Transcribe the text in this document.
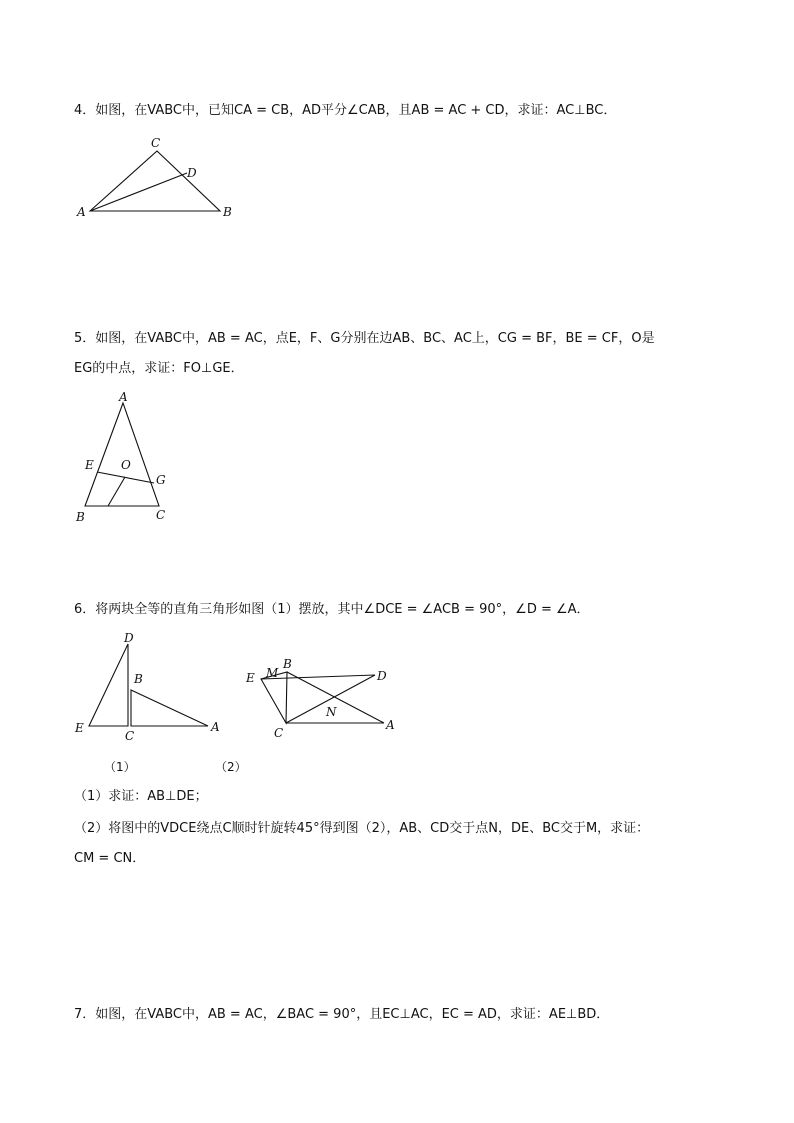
4．如图，在VABC中，已知CA = CB，AD平分∠CAB，且AB = AC + CD，求证：AC⊥BC．
C
D
A	B
5．如图，在VABC中，AB = AC，点E，F、G分别在边AB、BC、AC上，CG = BF，BE = CF，O是
EG的中点，求证：FO⊥GE．
A
E O
G
B	C
6．将两块全等的直角三角形如图（1）摆放，其中∠DCE = ∠ACB = 90°，∠D = ∠A．
D
B
E
C
A
E M
B
D
N
C
A
（1）	（2）
（1）求证：AB⊥DE；
（2）将图中的VDCE绕点C顺时针旋转45°得到图（2），AB、CD交于点N，DE、BC交于M，求证：
CM = CN．
7．如图，在VABC中，AB = AC，∠BAC = 90°，且EC⊥AC，EC = AD，求证：AE⊥BD．
